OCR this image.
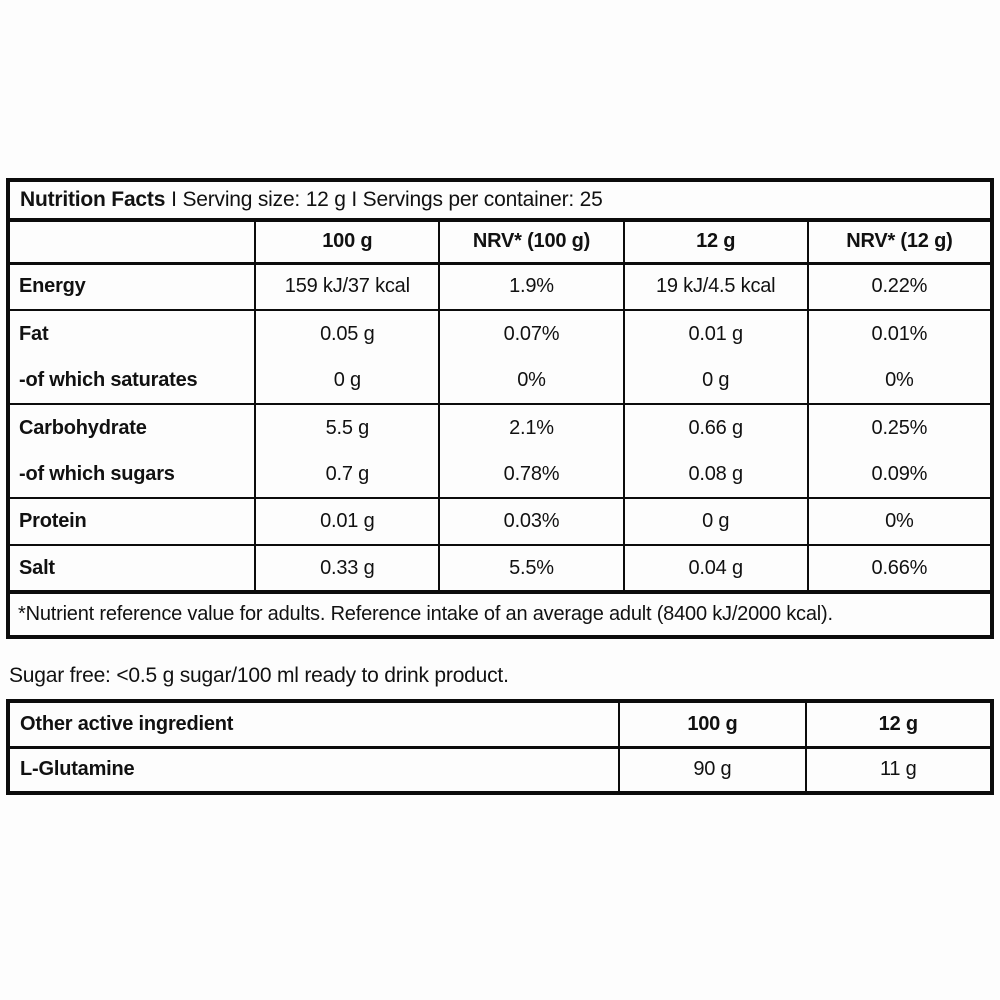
Nutrition Facts I Serving size: 12 g I Servings per container: 25				
	100 g	NRV* (100 g)	12 g	NRV* (12 g)
Energy	159 kJ/37 kcal	1.9%	19 kJ/4.5 kcal	0.22%
Fat	0.05 g	0.07%	0.01 g	0.01%
-of which saturates	0 g	0%	0 g	0%
Carbohydrate	5.5 g	2.1%	0.66 g	0.25%
-of which sugars	0.7 g	0.78%	0.08 g	0.09%
Protein	0.01 g	0.03%	0 g	0%
Salt	0.33 g	5.5%	0.04 g	0.66%
*Nutrient reference value for adults. Reference intake of an average adult (8400 kJ/2000 kcal).				

Sugar free: <0.5 g sugar/100 ml ready to drink product.

Other active ingredient	100 g	12 g
L-Glutamine	90 g	11 g
